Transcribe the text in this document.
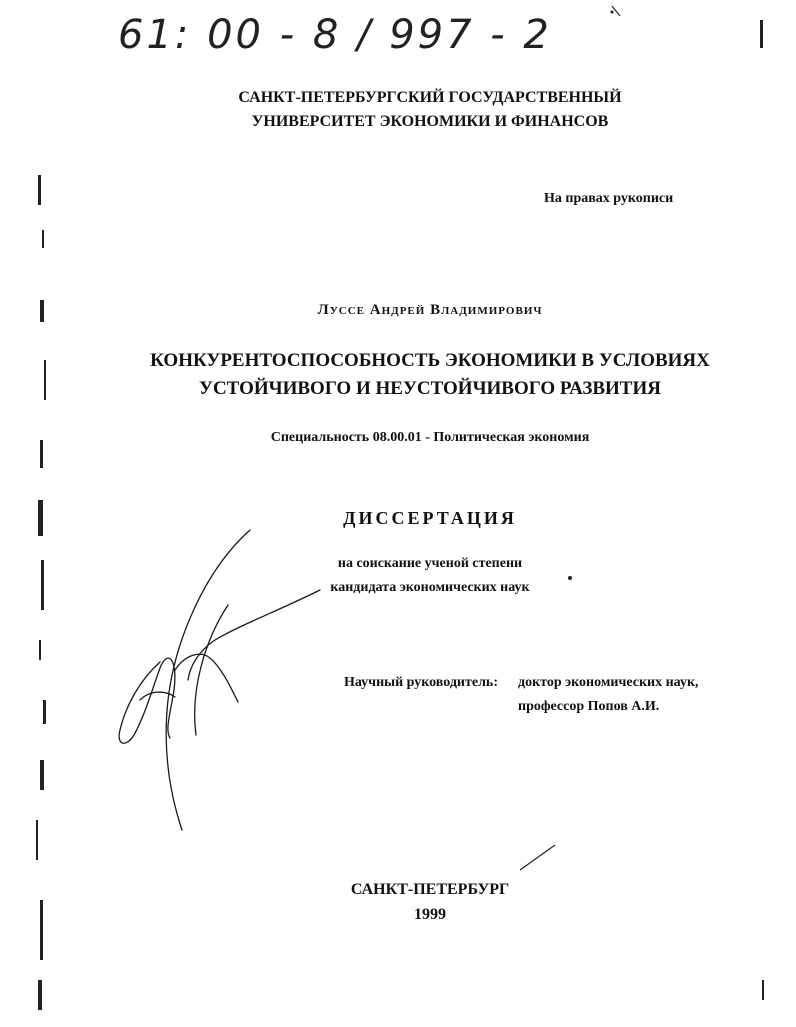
61: 00 - 8 / 997 - 2
САНКТ-ПЕТЕРБУРГСКИЙ ГОСУДАРСТВЕННЫЙ
УНИВЕРСИТЕТ ЭКОНОМИКИ И ФИНАНСОВ
На правах рукописи
Луссе Андрей Владимирович
КОНКУРЕНТОСПОСОБНОСТЬ ЭКОНОМИКИ В УСЛОВИЯХ
УСТОЙЧИВОГО И НЕУСТОЙЧИВОГО РАЗВИТИЯ
Специальность 08.00.01 - Политическая экономия
ДИССЕРТАЦИЯ
на соискание ученой степени
кандидата экономических наук
Научный руководитель: доктор экономических наук,
профессор Попов А.И.
САНКТ-ПЕТЕРБУРГ
1999
